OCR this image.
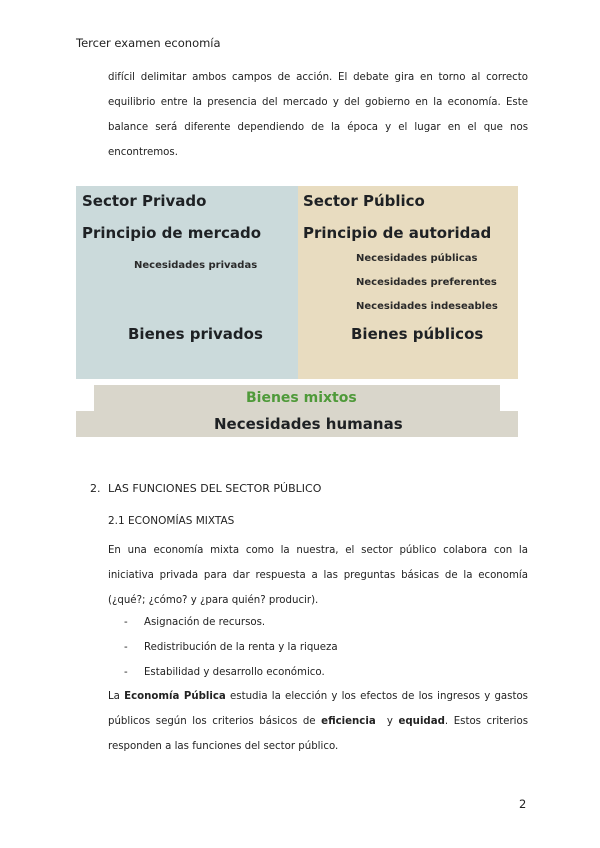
Tercer examen economía
difícil delimitar ambos campos de acción. El debate gira en torno al correcto
equilibrio entre la presencia del mercado y del gobierno en la economía. Este
balance será diferente dependiendo de la época y el lugar en el que nos
encontremos.
Sector Privado
Principio de mercado
Necesidades privadas
Bienes privados
Sector Público
Principio de autoridad
Necesidades públicas
Necesidades preferentes
Necesidades indeseables
Bienes públicos
Bienes mixtos
Necesidades humanas
2. LAS FUNCIONES DEL SECTOR PÚBLICO
2.1 ECONOMÍAS MIXTAS
En una economía mixta como la nuestra, el sector público colabora con la
iniciativa privada para dar respuesta a las preguntas básicas de la economía
(¿qué?; ¿cómo? y ¿para quién? producir).
- Asignación de recursos.
- Redistribución de la renta y la riqueza
- Estabilidad y desarrollo económico.
La Economía Pública estudia la elección y los efectos de los ingresos y gastos
públicos según los criterios básicos de eficiencia  y equidad. Estos criterios
responden a las funciones del sector público.
2
